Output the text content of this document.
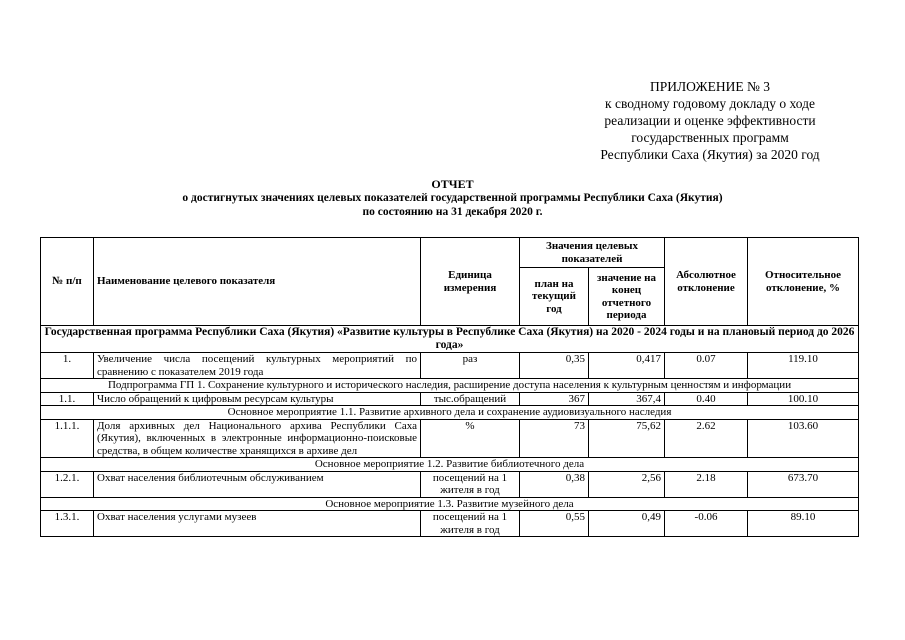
ПРИЛОЖЕНИЕ № 3
к сводному годовому докладу о ходе
реализации и оценке эффективности
государственных программ
Республики Саха (Якутия) за 2020 год
ОТЧЕТ
о достигнутых значениях целевых показателей государственной программы Республики Саха (Якутия)
по состоянию на 31 декабря 2020 г.
№ п/п	Наименование целевого показателя	Единица измерения	Значения целевых показателей		Абсолютное отклонение	Относительное отклонение, %
			план на текущий год	значение на конец отчетного периода		
Государственная программа Республики Саха (Якутия) «Развитие культуры в Республике Саха (Якутия) на 2020 - 2024 годы и на плановый период до 2026 года»						
1.	Увеличение числа посещений культурных мероприятий по сравнению с показателем 2019 года	раз	0,35	0,417	0.07	119.10
Подпрограмма ГП 1. Сохранение культурного и исторического наследия, расширение доступа населения к культурным ценностям и информации						
1.1.	Число обращений к цифровым ресурсам культуры	тыс.обращений	367	367,4	0.40	100.10
Основное мероприятие 1.1. Развитие архивного дела и сохранение аудиовизуального наследия						
1.1.1.	Доля архивных дел Национального архива Республики Саха (Якутия), включенных в электронные информационно-поисковые средства, в общем количестве хранящихся в архиве дел	%	73	75,62	2.62	103.60
Основное мероприятие 1.2. Развитие библиотечного дела						
1.2.1.	Охват населения библиотечным обслуживанием	посещений на 1 жителя в год	0,38	2,56	2.18	673.70
Основное мероприятие 1.3. Развитие музейного дела						
1.3.1.	Охват населения услугами музеев	посещений на 1 жителя в год	0,55	0,49	-0.06	89.10
